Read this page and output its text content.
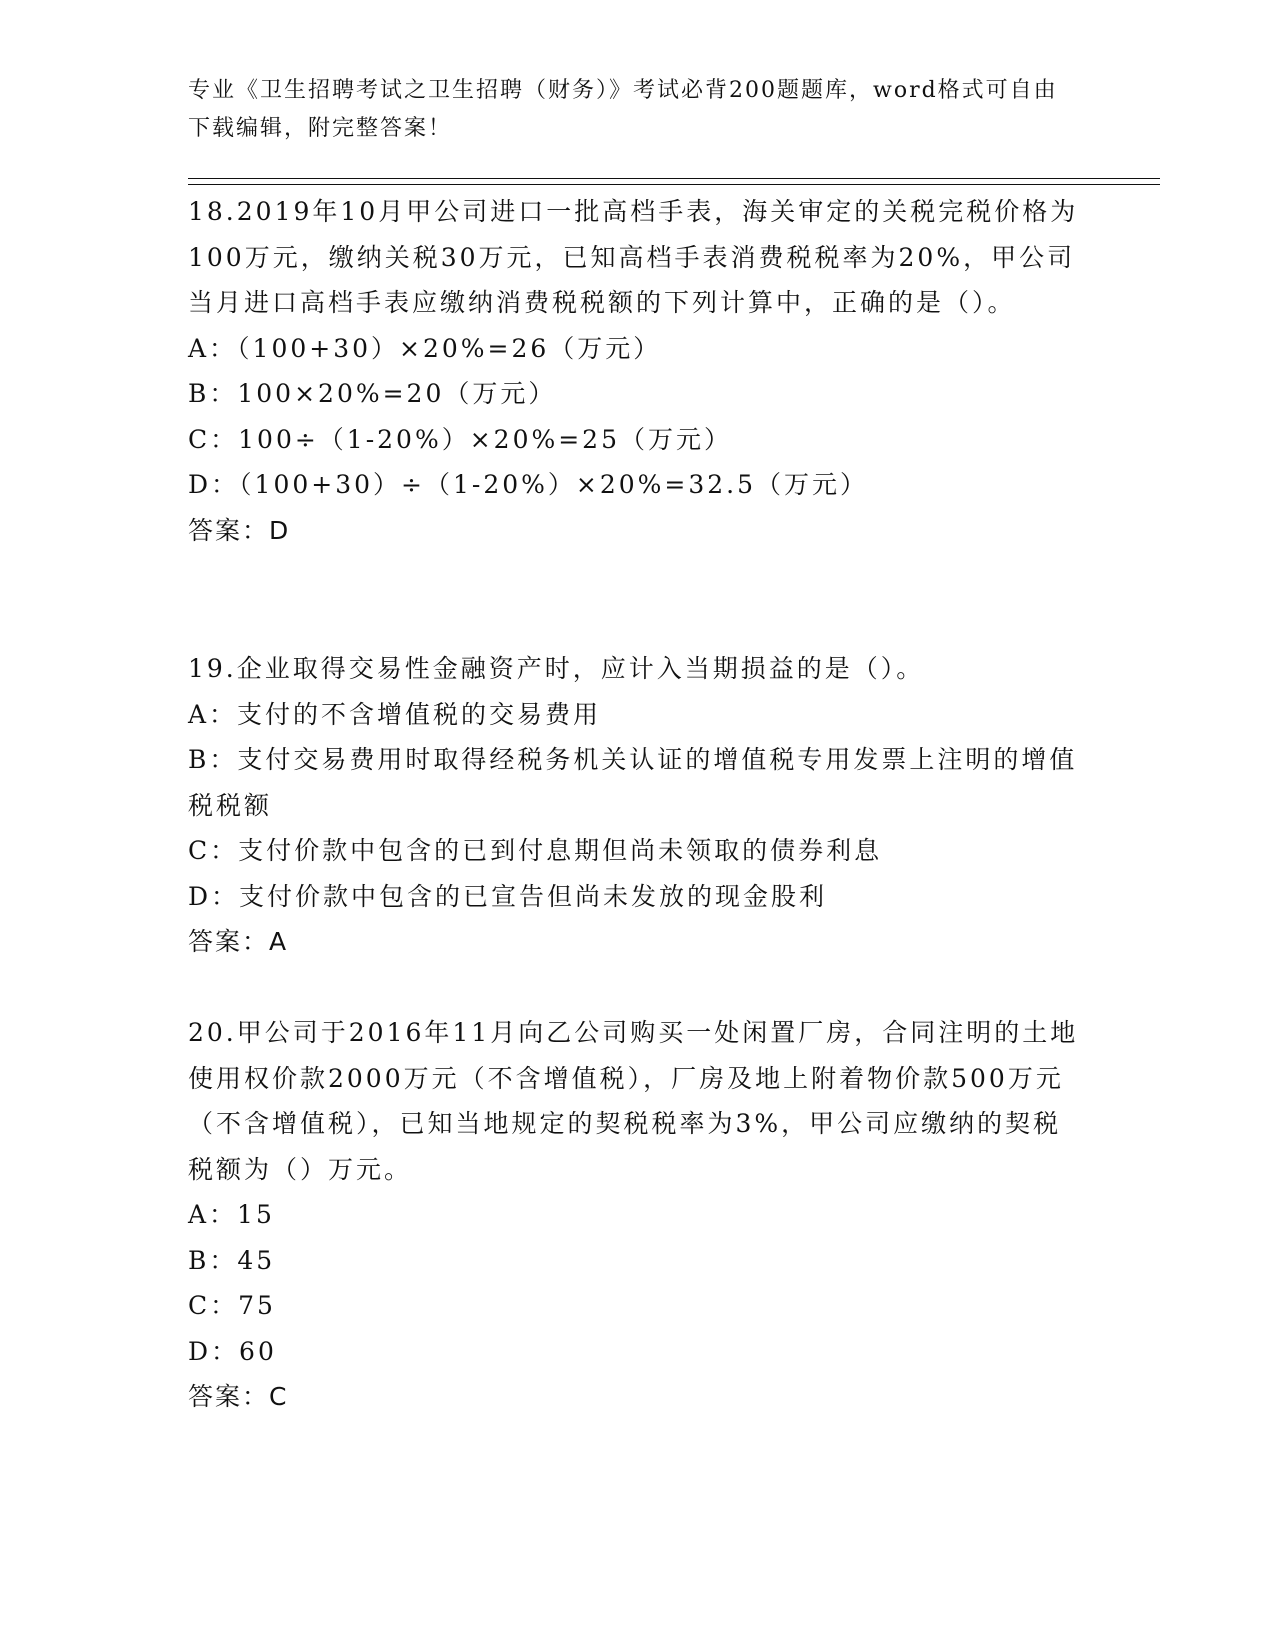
专业《卫生招聘考试之卫生招聘（财务）》考试必背200题题库，word格式可自由下载编辑，附完整答案！
18.2019年10月甲公司进口一批高档手表，海关审定的关税完税价格为100万元，缴纳关税30万元，已知高档手表消费税税率为20%，甲公司当月进口高档手表应缴纳消费税税额的下列计算中，正确的是（）。
A：（100+30）×20%=26（万元）
B：100×20%=20（万元）
C：100÷（1-20%）×20%=25（万元）
D：（100+30）÷（1-20%）×20%=32.5（万元）
答案：D
19.企业取得交易性金融资产时，应计入当期损益的是（）。
A：支付的不含增值税的交易费用
B：支付交易费用时取得经税务机关认证的增值税专用发票上注明的增值税税额
C：支付价款中包含的已到付息期但尚未领取的债券利息
D：支付价款中包含的已宣告但尚未发放的现金股利
答案：A
20.甲公司于2016年11月向乙公司购买一处闲置厂房，合同注明的土地使用权价款2000万元（不含增值税），厂房及地上附着物价款500万元（不含增值税），已知当地规定的契税税率为3%，甲公司应缴纳的契税税额为（）万元。
A：15
B：45
C：75
D：60
答案：C
